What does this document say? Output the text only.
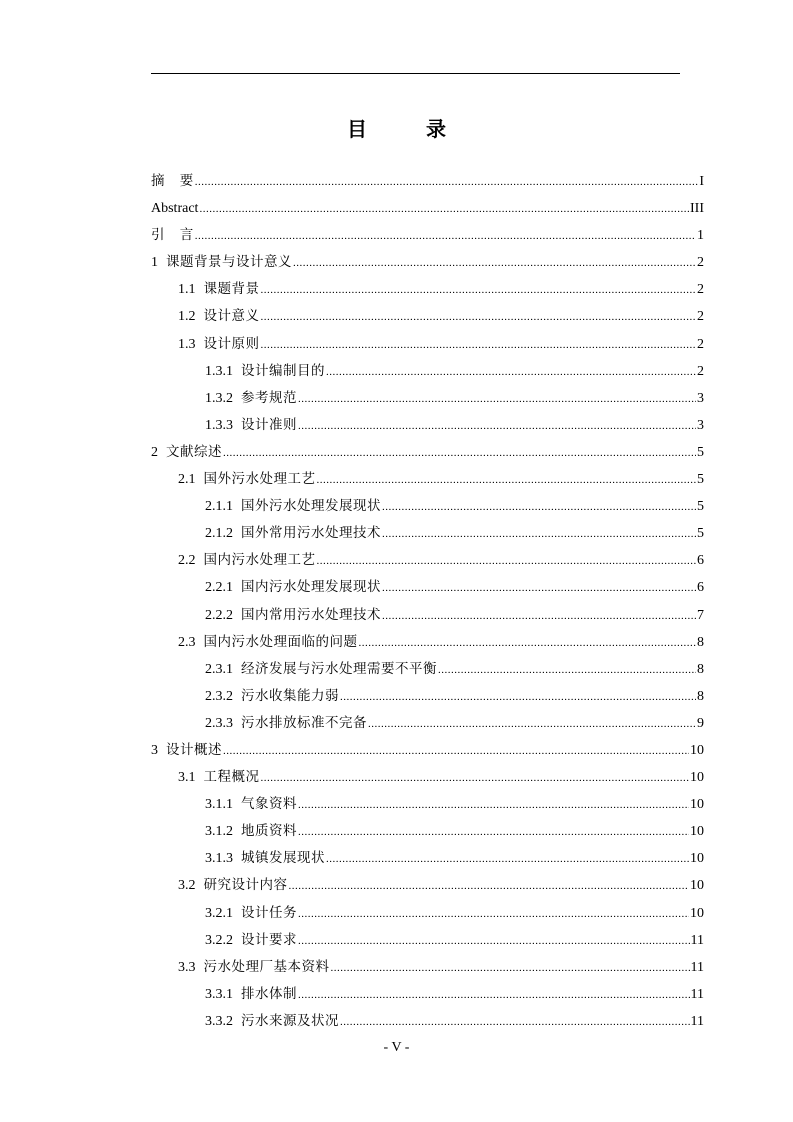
目 录
摘 要 .....	I
Abstract .....	III
引 言 .....	1
1 课题背景与设计意义 .....	2
1.1 课题背景 .....	2
1.2 设计意义 .....	2
1.3 设计原则 .....	2
1.3.1 设计编制目的 .....	2
1.3.2 参考规范 .....	3
1.3.3 设计准则 .....	3
2 文献综述 .....	5
2.1 国外污水处理工艺 .....	5
2.1.1 国外污水处理发展现状 .....	5
2.1.2 国外常用污水处理技术 .....	5
2.2 国内污水处理工艺 .....	6
2.2.1 国内污水处理发展现状 .....	6
2.2.2 国内常用污水处理技术 .....	7
2.3 国内污水处理面临的问题 .....	8
2.3.1 经济发展与污水处理需要不平衡 .....	8
2.3.2 污水收集能力弱 .....	8
2.3.3 污水排放标准不完备 .....	9
3 设计概述 .....	10
3.1 工程概况 .....	10
3.1.1 气象资料 .....	10
3.1.2 地质资料 .....	10
3.1.3 城镇发展现状 .....	10
3.2 研究设计内容 .....	10
3.2.1 设计任务 .....	10
3.2.2 设计要求 .....	11
3.3 污水处理厂基本资料 .....	11
3.3.1 排水体制 .....	11
3.3.2 污水来源及状况 .....	11
- V -
